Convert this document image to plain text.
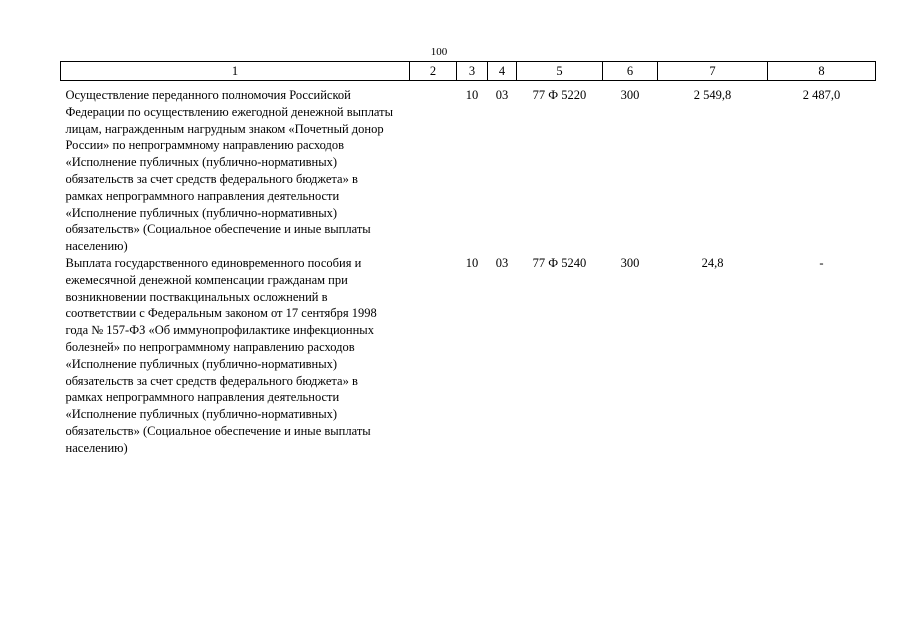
100
1	2	3	4	5	6	7	8
Осуществление переданного полномочия Российской Федерации по осуществлению ежегодной денежной выплаты лицам, награжденным нагрудным знаком «Почетный донор России» по непрограммному направлению расходов «Исполнение публичных (публично-нормативных) обязательств за счет средств федерального бюджета» в рамках непрограммного направления деятельности «Исполнение публичных (публично-нормативных) обязательств» (Социальное обеспечение и иные выплаты населению)		10	03	77 Ф 5220	300	2 549,8	2 487,0
Выплата государственного единовременного пособия и ежемесячной денежной компенсации гражданам при возникновении поствакцинальных осложнений в соответствии с Федеральным законом от 17 сентября 1998 года № 157-ФЗ «Об иммунопрофилактике инфекционных болезней» по непрограммному направлению расходов «Исполнение публичных (публично-нормативных) обязательств за счет средств федерального бюджета» в рамках непрограммного направления деятельности «Исполнение публичных (публично-нормативных) обязательств» (Социальное обеспечение и иные выплаты населению)		10	03	77 Ф 5240	300	24,8	-
